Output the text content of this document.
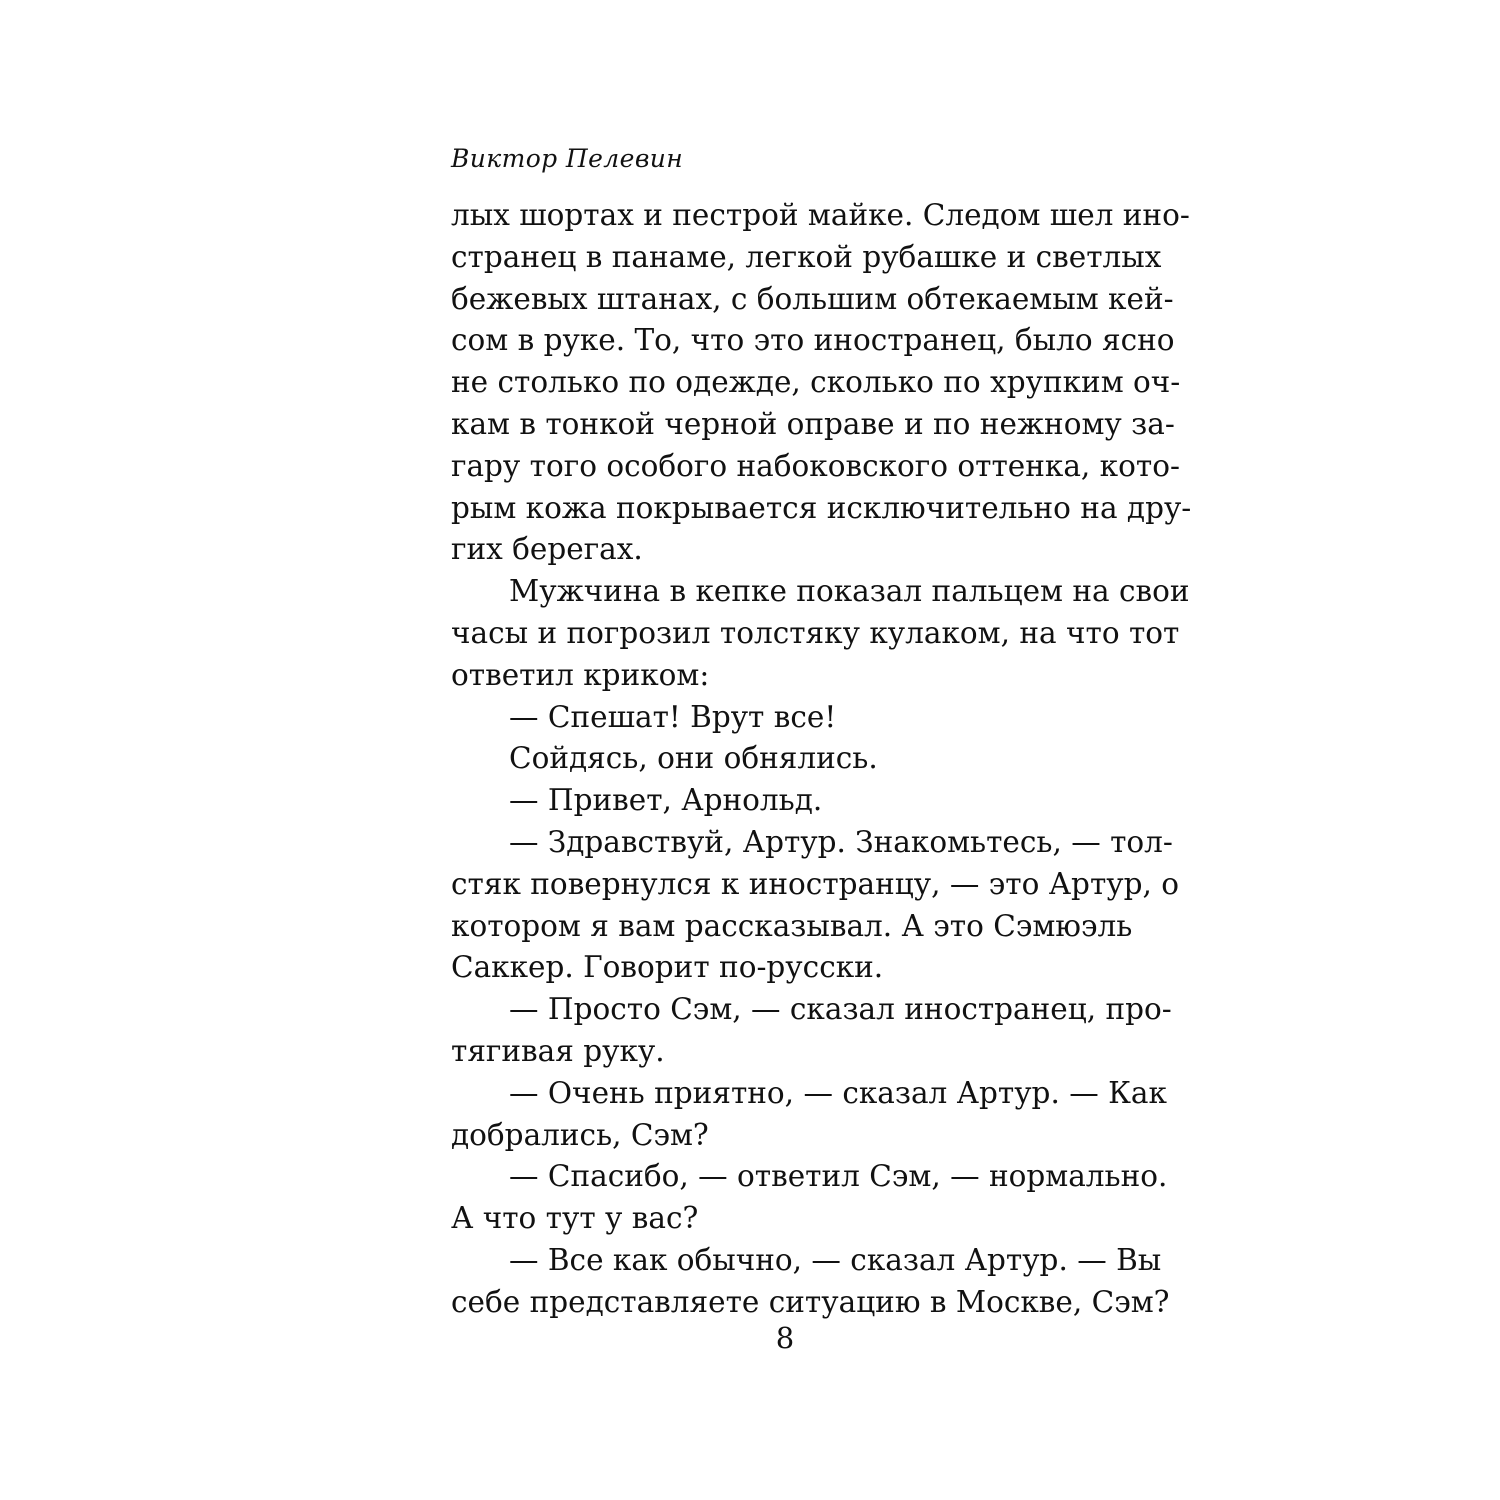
Виктор Пелевин
лых шортах и пестрой майке. Следом шел ино-
странец в панаме, легкой рубашке и светлых
бежевых штанах, с большим обтекаемым кей-
сом в руке. То, что это иностранец, было ясно
не столько по одежде, сколько по хрупким оч-
кам в тонкой черной оправе и по нежному за-
гару того особого набоковского оттенка, кото-
рым кожа покрывается исключительно на дру-
гих берегах.
Мужчина в кепке показал пальцем на свои
часы и погрозил толстяку кулаком, на что тот
ответил криком:
— Спешат! Врут все!
Сойдясь, они обнялись.
— Привет, Арнольд.
— Здравствуй, Артур. Знакомьтесь, — тол-
стяк повернулся к иностранцу, — это Артур, о
котором я вам рассказывал. А это Сэмюэль
Саккер. Говорит по-русски.
— Просто Сэм, — сказал иностранец, про-
тягивая руку.
— Очень приятно, — сказал Артур. — Как
добрались, Сэм?
— Спасибо, — ответил Сэм, — нормально.
А что тут у вас?
— Все как обычно, — сказал Артур. — Вы
себе представляете ситуацию в Москве, Сэм?
8
